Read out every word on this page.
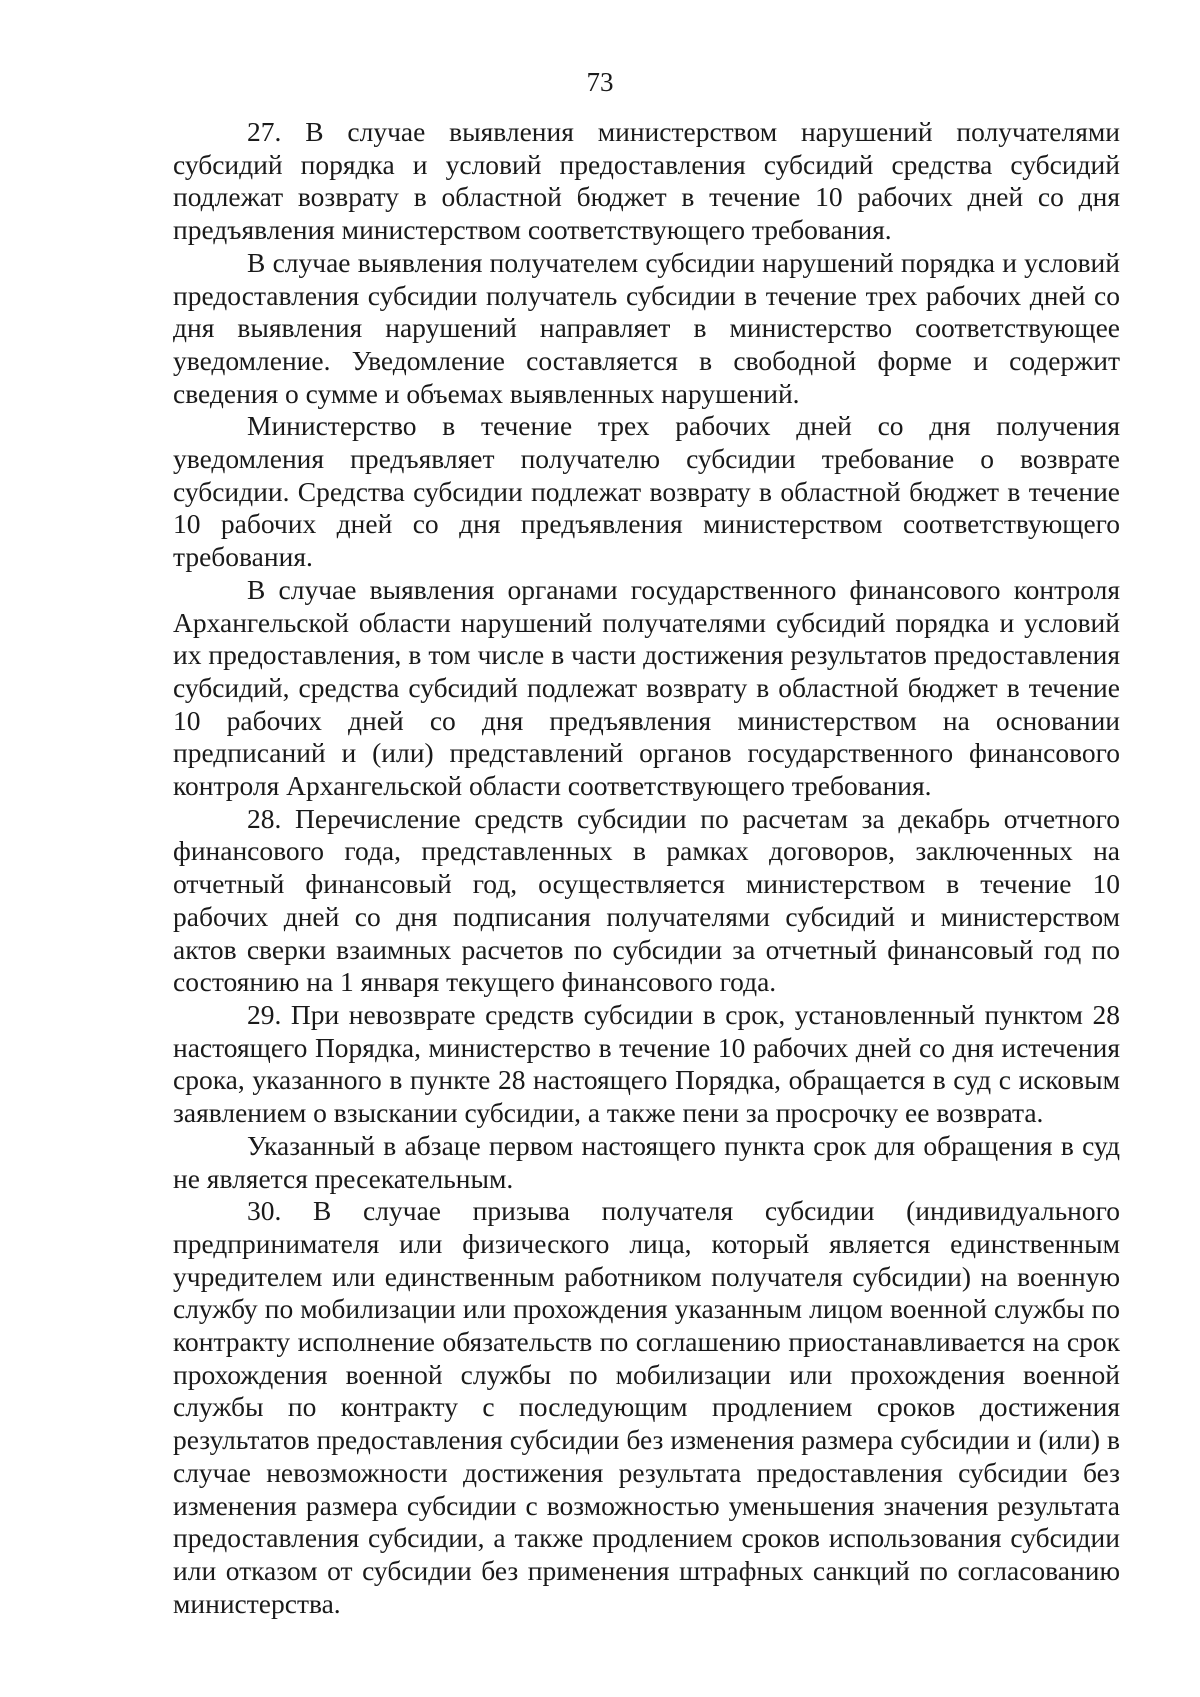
73

27. В случае выявления министерством нарушений получателями субсидий порядка и условий предоставления субсидий средства субсидий подлежат возврату в областной бюджет в течение 10 рабочих дней со дня предъявления министерством соответствующего требования.

В случае выявления получателем субсидии нарушений порядка и условий предоставления субсидии получатель субсидии в течение трех рабочих дней со дня выявления нарушений направляет в министерство соответствующее уведомление. Уведомление составляется в свободной форме и содержит сведения о сумме и объемах выявленных нарушений.

Министерство в течение трех рабочих дней со дня получения уведомления предъявляет получателю субсидии требование о возврате субсидии. Средства субсидии подлежат возврату в областной бюджет в течение 10 рабочих дней со дня предъявления министерством соответствующего требования.

В случае выявления органами государственного финансового контроля Архангельской области нарушений получателями субсидий порядка и условий их предоставления, в том числе в части достижения результатов предоставления субсидий, средства субсидий подлежат возврату в областной бюджет в течение 10 рабочих дней со дня предъявления министерством на основании предписаний и (или) представлений органов государственного финансового контроля Архангельской области соответствующего требования.

28. Перечисление средств субсидии по расчетам за декабрь отчетного финансового года, представленных в рамках договоров, заключенных на отчетный финансовый год, осуществляется министерством в течение 10 рабочих дней со дня подписания получателями субсидий и министерством актов сверки взаимных расчетов по субсидии за отчетный финансовый год по состоянию на 1 января текущего финансового года.

29. При невозврате средств субсидии в срок, установленный пунктом 28 настоящего Порядка, министерство в течение 10 рабочих дней со дня истечения срока, указанного в пункте 28 настоящего Порядка, обращается в суд с исковым заявлением о взыскании субсидии, а также пени за просрочку ее возврата.

Указанный в абзаце первом настоящего пункта срок для обращения в суд не является пресекательным.

30. В случае призыва получателя субсидии (индивидуального предпринимателя или физического лица, который является единственным учредителем или единственным работником получателя субсидии) на военную службу по мобилизации или прохождения указанным лицом военной службы по контракту исполнение обязательств по соглашению приостанавливается на срок прохождения военной службы по мобилизации или прохождения военной службы по контракту с последующим продлением сроков достижения результатов предоставления субсидии без изменения размера субсидии и (или) в случае невозможности достижения результата предоставления субсидии без изменения размера субсидии с возможностью уменьшения значения результата предоставления субсидии, а также продлением сроков использования субсидии или отказом от субсидии без применения штрафных санкций по согласованию министерства.
